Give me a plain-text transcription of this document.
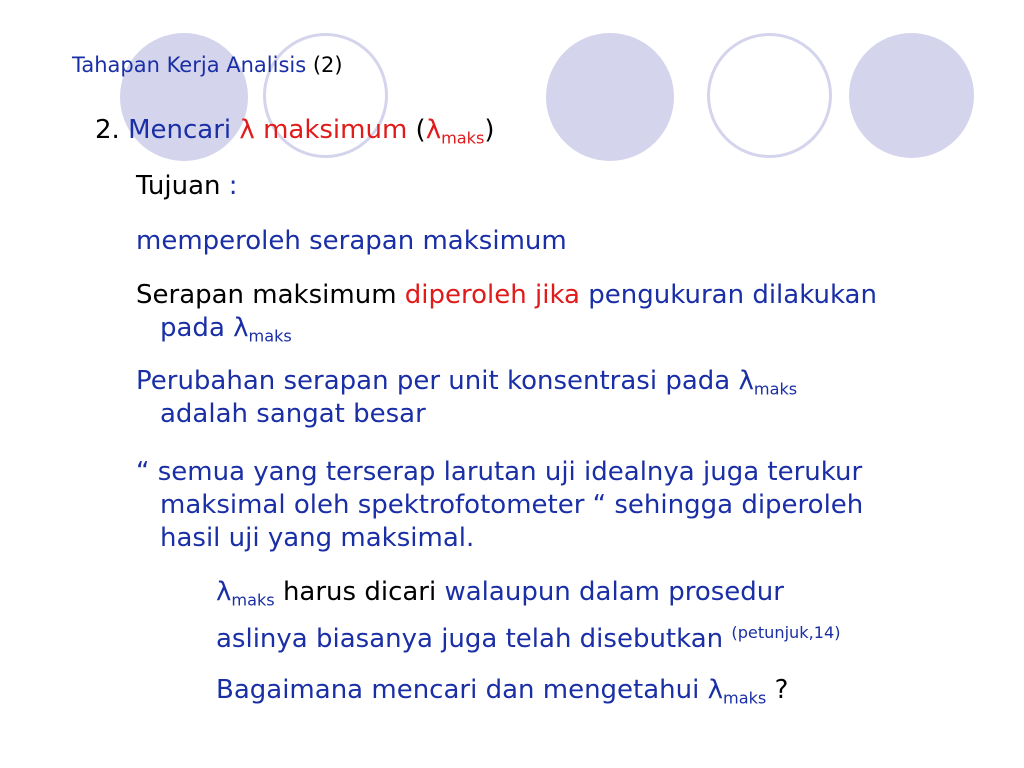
Tahapan Kerja Analisis (2)
2. Mencari λ maksimum $(\lambda_{maks})$
Tujuan :
memperoleh serapan maksimum
Serapan maksimum diperoleh jika pengukuran dilakukan
pada $\lambda_{maks}$
Perubahan serapan per unit konsentrasi pada $\lambda_{maks}$
adalah sangat besar
“ semua yang terserap larutan uji idealnya juga terukur
maksimal oleh spektrofotometer “ sehingga diperoleh
hasil uji yang maksimal.
$\lambda_{maks}$ harus dicari walaupun dalam prosedur
aslinya biasanya juga telah disebutkan $^{(petunjuk,14)}$
Bagaimana mencari dan mengetahui $\lambda_{maks}$ ?
